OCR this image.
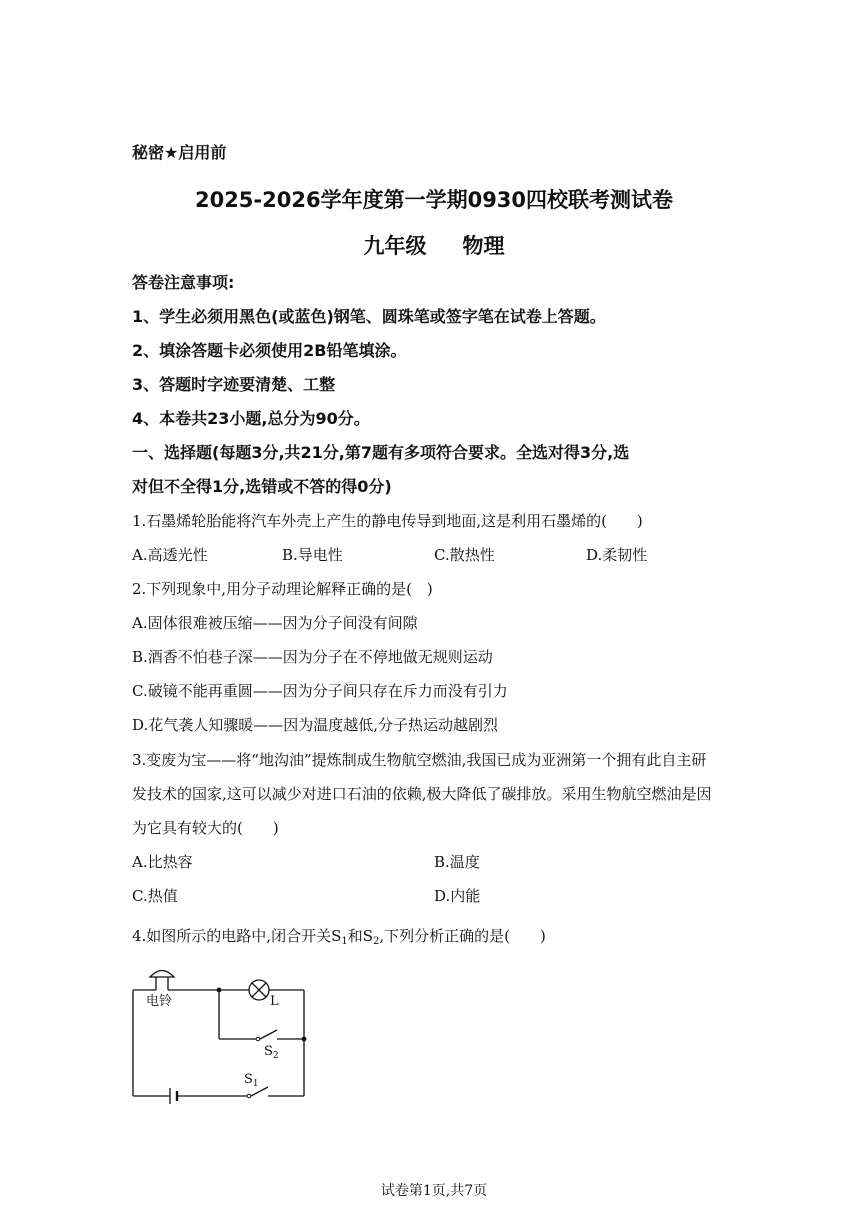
秘密★启用前
2025-2026学年度第一学期0930四校联考测试卷
九年级 物理
答卷注意事项:
1、学生必须用黑色(或蓝色)钢笔、圆珠笔或签字笔在试卷上答题。
2、填涂答题卡必须使用2B铅笔填涂。
3、答题时字迹要清楚、工整
4、本卷共23小题,总分为90分。
一、选择题(每题3分,共21分,第7题有多项符合要求。全选对得3分,选
对但不全得1分,选错或不答的得0分)
1.石墨烯轮胎能将汽车外壳上产生的静电传导到地面,这是利用石墨烯的(　　)
A.高透光性	B.导电性	C.散热性	D.柔韧性
2.下列现象中,用分子动理论解释正确的是(　)
A.固体很难被压缩——因为分子间没有间隙
B.酒香不怕巷子深——因为分子在不停地做无规则运动
C.破镜不能再重圆——因为分子间只存在斥力而没有引力
D.花气袭人知骤暖——因为温度越低,分子热运动越剧烈
3.变废为宝——将“地沟油”提炼制成生物航空燃油,我国已成为亚洲第一个拥有此自主研
发技术的国家,这可以减少对进口石油的依赖,极大降低了碳排放。采用生物航空燃油是因
为它具有较大的(　　)
A.比热容	B.温度
C.热值	D.内能
4.如图所示的电路中,闭合开关$S_1$和$S_2$,下列分析正确的是(　　)
电铃	L
$S_2$
$S_1$
试卷第1页,共7页
